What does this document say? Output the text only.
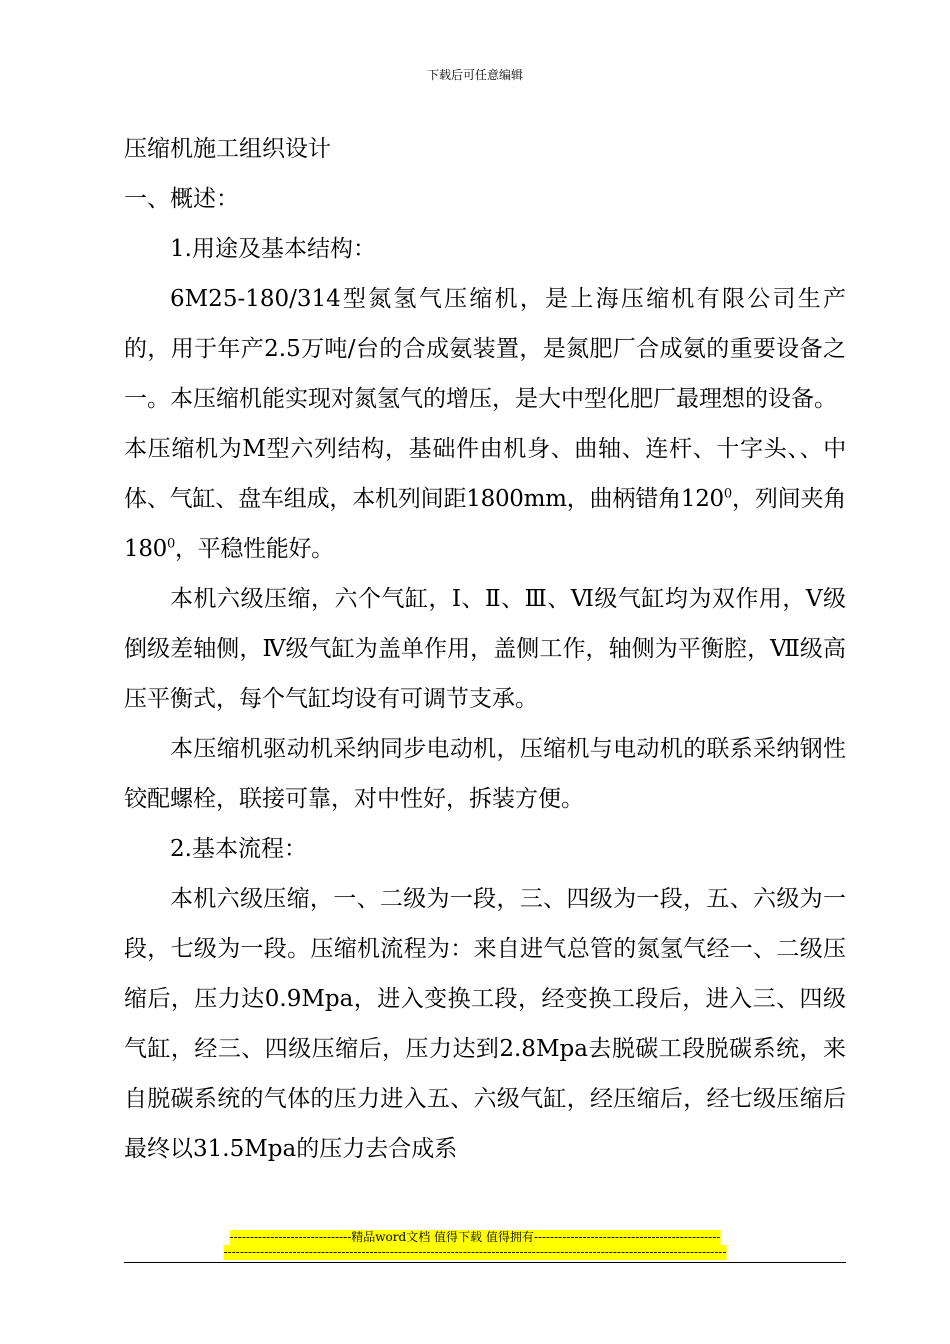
下载后可任意编辑

压缩机施工组织设计

一、概述：

1.用途及基本结构：

6M25-180/314型氮氢气压缩机，是上海压缩机有限公司生产的，用于年产2.5万吨/台的合成氨装置，是氮肥厂合成氨的重要设备之一。本压缩机能实现对氮氢气的增压，是大中型化肥厂最理想的设备。

本压缩机为M型六列结构，基础件由机身、曲轴、连杆、十字头、、中体、气缸、盘车组成，本机列间距1800mm，曲柄错角$120^0$，列间夹角$180^0$，平稳性能好。

本机六级压缩，六个气缸，Ⅰ、Ⅱ、Ⅲ、Ⅵ级气缸均为双作用，V级倒级差轴侧，Ⅳ级气缸为盖单作用，盖侧工作，轴侧为平衡腔，Ⅶ级高压平衡式，每个气缸均设有可调节支承。

本压缩机驱动机采纳同步电动机，压缩机与电动机的联系采纳钢性铰配螺栓，联接可靠，对中性好，拆装方便。

2.基本流程：

本机六级压缩，一、二级为一段，三、四级为一段，五、六级为一段，七级为一段。压缩机流程为：来自进气总管的氮氢气经一、二级压缩后，压力达0.9Mpa，进入变换工段，经变换工段后，进入三、四级气缸，经三、四级压缩后，压力达到2.8Mpa去脱碳工段脱碳系统，来自脱碳系统的气体的压力进入五、六级气缸，经压缩后，经七级压缩后最终以31.5Mpa的压力去合成系

------------------------------精品word文档 值得下载 值得拥有----------------------------------------------
----------------------------------------------------------------------------------------------------------------------------
